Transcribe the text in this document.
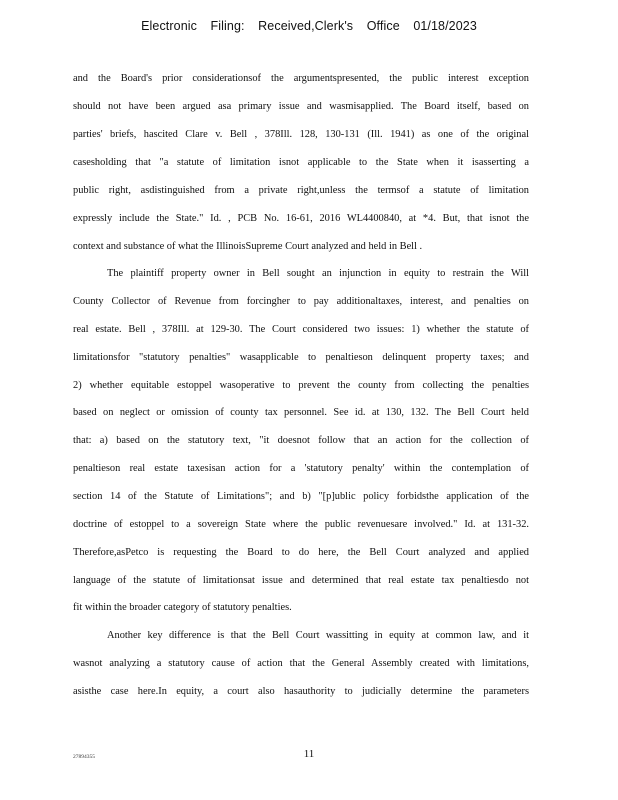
Electronic Filing: Received,Clerk's Office 01/18/2023
and the Board's prior considerationsof the argumentspresented, the public interest exception
should not have been argued asa primary issue and wasmisapplied. The Board itself, based on
parties' briefs, hascited Clare v. Bell , 378Ill. 128, 130-131 (Ill. 1941) as one of the original
casesholding that "a statute of limitation isnot applicable to the State when it isasserting a
public right, asdistinguished from a private right,unless the termsof a statute of limitation
expressly include the State." Id. , PCB No. 16-61, 2016 WL4400840, at *4. But, that isnot the
context and substance of what the IllinoisSupreme Court analyzed and held in Bell .
The plaintiff property owner in Bell sought an injunction in equity to restrain the Will
County Collector of Revenue from forcingher to pay additionaltaxes, interest, and penalties on
real estate. Bell , 378Ill. at 129-30. The Court considered two issues: 1) whether the statute of
limitationsfor "statutory penalties" wasapplicable to penaltieson delinquent property taxes; and
2) whether equitable estoppel wasoperative to prevent the county from collecting the penalties
based on neglect or omission of county tax personnel. See id. at 130, 132. The Bell Court held
that: a) based on the statutory text, "it doesnot follow that an action for the collection of
penaltieson real estate taxesisan action for a 'statutory penalty' within the contemplation of
section 14 of the Statute of Limitations"; and b) "[p]ublic policy forbidsthe application of the
doctrine of estoppel to a sovereign State where the public revenuesare involved." Id. at 131-32.
Therefore,asPetco is requesting the Board to do here, the Bell Court analyzed and applied
language of the statute of limitationsat issue and determined that real estate tax penaltiesdo not
fit within the broader category of statutory penalties.
Another key difference is that the Bell Court wassitting in equity at common law, and it
wasnot analyzing a statutory cause of action that the General Assembly created with limitations,
asisthe case here.In equity, a court also hasauthority to judicially determine the parameters
27894355	11
